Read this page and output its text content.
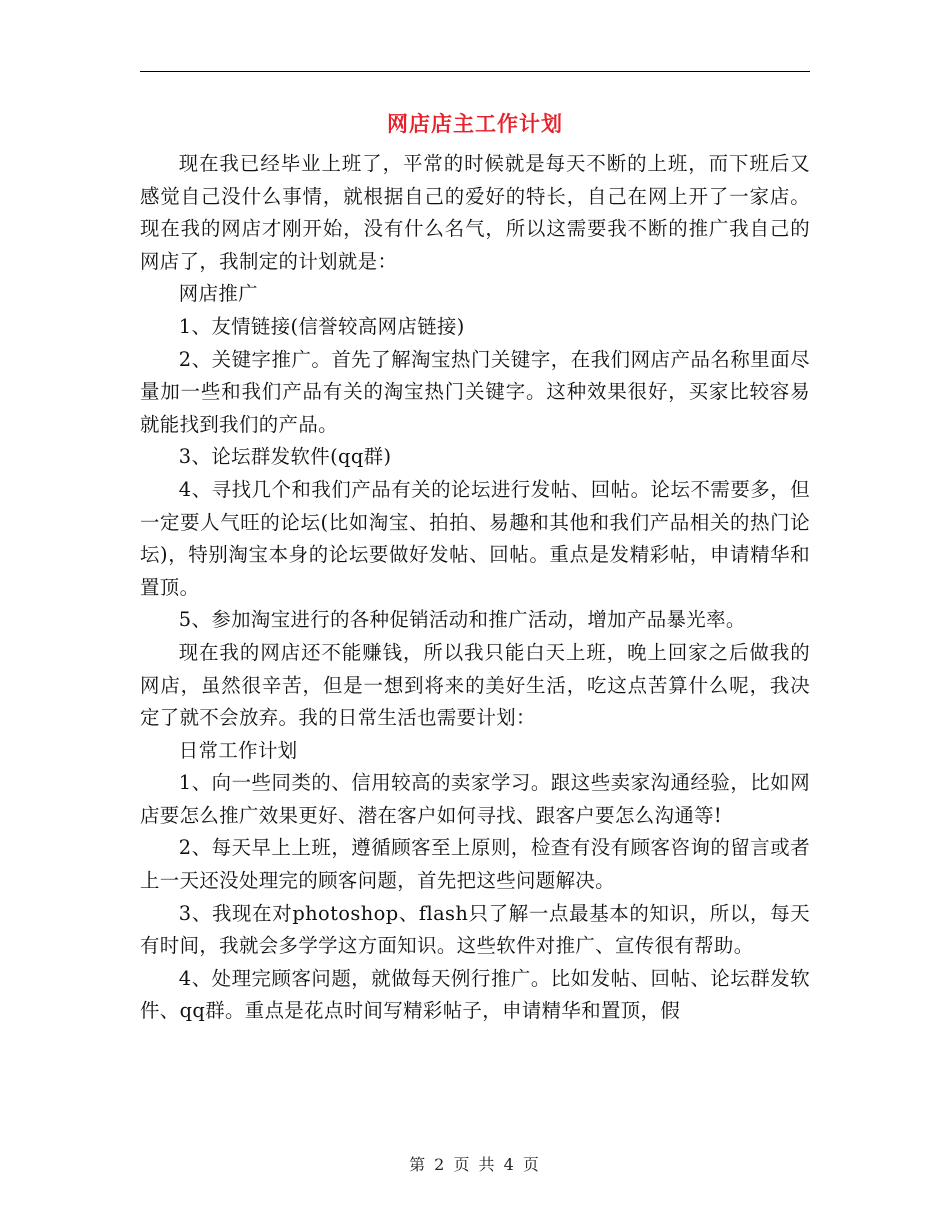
网店店主工作计划

现在我已经毕业上班了，平常的时候就是每天不断的上班，而下班后又感觉自己没什么事情，就根据自己的爱好的特长，自己在网上开了一家店。现在我的网店才刚开始，没有什么名气，所以这需要我不断的推广我自己的网店了，我制定的计划就是：

网店推广

1、友情链接(信誉较高网店链接)

2、关键字推广。首先了解淘宝热门关键字，在我们网店产品名称里面尽量加一些和我们产品有关的淘宝热门关键字。这种效果很好，买家比较容易就能找到我们的产品。

3、论坛群发软件(qq群)

4、寻找几个和我们产品有关的论坛进行发帖、回帖。论坛不需要多，但一定要人气旺的论坛(比如淘宝、拍拍、易趣和其他和我们产品相关的热门论坛)，特别淘宝本身的论坛要做好发帖、回帖。重点是发精彩帖，申请精华和置顶。

5、参加淘宝进行的各种促销活动和推广活动，增加产品暴光率。

现在我的网店还不能赚钱，所以我只能白天上班，晚上回家之后做我的网店，虽然很辛苦，但是一想到将来的美好生活，吃这点苦算什么呢，我决定了就不会放弃。我的日常生活也需要计划：

日常工作计划

1、向一些同类的、信用较高的卖家学习。跟这些卖家沟通经验，比如网店要怎么推广效果更好、潜在客户如何寻找、跟客户要怎么沟通等!

2、每天早上上班，遵循顾客至上原则，检查有没有顾客咨询的留言或者上一天还没处理完的顾客问题，首先把这些问题解决。

3、我现在对photoshop、flash只了解一点最基本的知识，所以，每天有时间，我就会多学学这方面知识。这些软件对推广、宣传很有帮助。

4、处理完顾客问题，就做每天例行推广。比如发帖、回帖、论坛群发软件、qq群。重点是花点时间写精彩帖子，申请精华和置顶，假

第 2 页 共 4 页
